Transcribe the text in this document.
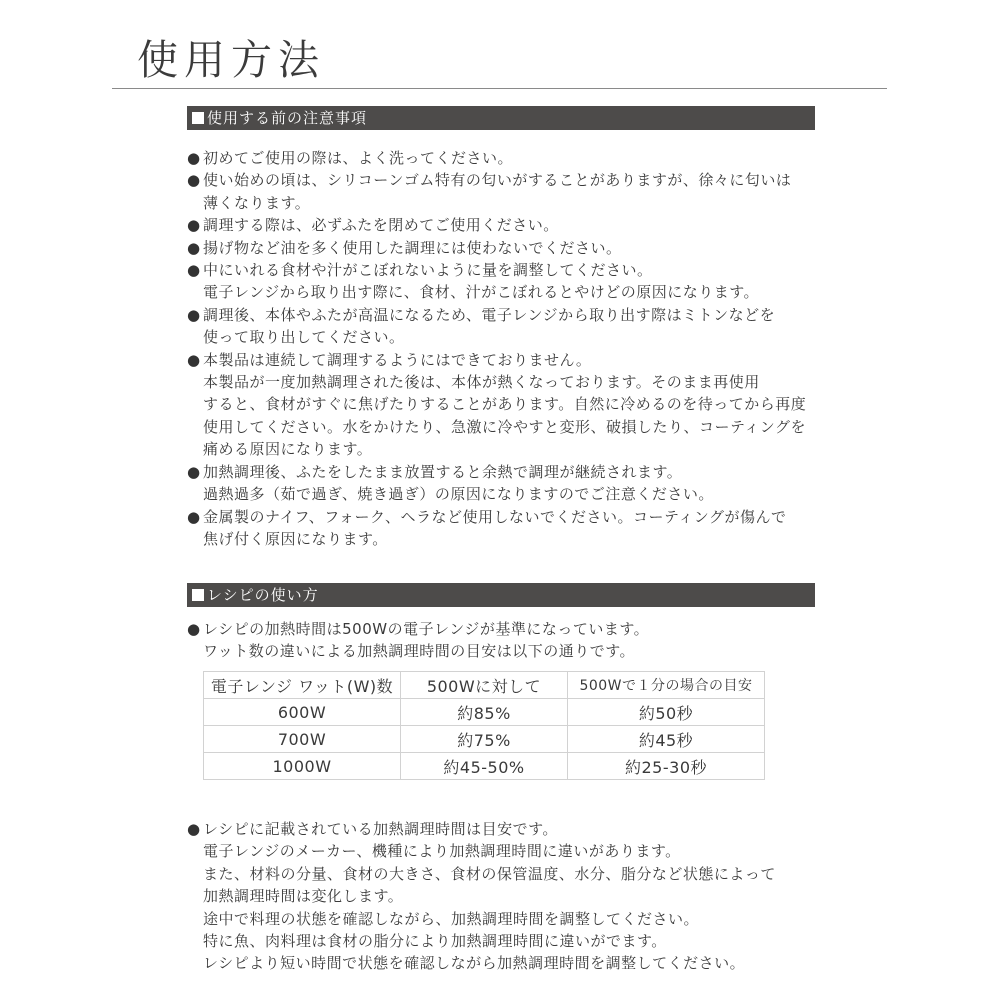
使用方法
使用する前の注意事項
● 初めてご使用の際は、よく洗ってください。
● 使い始めの頃は、シリコーンゴム特有の匂いがすることがありますが、徐々に匂いは
薄くなります。
● 調理する際は、必ずふたを閉めてご使用ください。
● 揚げ物など油を多く使用した調理には使わないでください。
● 中にいれる食材や汁がこぼれないように量を調整してください。
電子レンジから取り出す際に、食材、汁がこぼれるとやけどの原因になります。
● 調理後、本体やふたが高温になるため、電子レンジから取り出す際はミトンなどを
使って取り出してください。
● 本製品は連続して調理するようにはできておりません。
本製品が一度加熱調理された後は、本体が熱くなっております。そのまま再使用
すると、食材がすぐに焦げたりすることがあります。自然に冷めるのを待ってから再度
使用してください。水をかけたり、急激に冷やすと変形、破損したり、コーティングを
痛める原因になります。
● 加熱調理後、ふたをしたまま放置すると余熱で調理が継続されます。
過熱過多（茹で過ぎ、焼き過ぎ）の原因になりますのでご注意ください。
● 金属製のナイフ、フォーク、ヘラなど使用しないでください。コーティングが傷んで
焦げ付く原因になります。
レシピの使い方
● レシピの加熱時間は500Wの電子レンジが基準になっています。
ワット数の違いによる加熱調理時間の目安は以下の通りです。
電子レンジ ワット(W)数	500Wに対して	500Wで１分の場合の目安
600W	約85%	約50秒
700W	約75%	約45秒
1000W	約45-50%	約25-30秒
● レシピに記載されている加熱調理時間は目安です。
電子レンジのメーカー、機種により加熱調理時間に違いがあります。
また、材料の分量、食材の大きさ、食材の保管温度、水分、脂分など状態によって
加熱調理時間は変化します。
途中で料理の状態を確認しながら、加熱調理時間を調整してください。
特に魚、肉料理は食材の脂分により加熱調理時間に違いがでます。
レシピより短い時間で状態を確認しながら加熱調理時間を調整してください。
